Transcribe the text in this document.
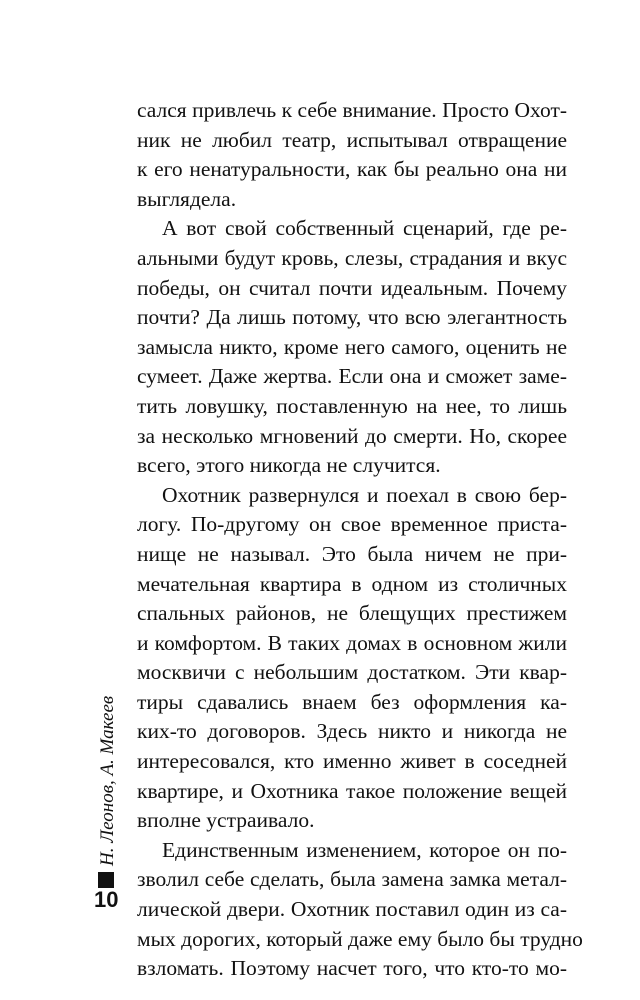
сался привлечь к себе внимание. Просто Охот-
ник не любил театр, испытывал отвращение
к его ненатуральности, как бы реально она ни
выглядела.
А вот свой собственный сценарий, где ре-
альными будут кровь, слезы, страдания и вкус
победы, он считал почти идеальным. Почему
почти? Да лишь потому, что всю элегантность
замысла никто, кроме него самого, оценить не
сумеет. Даже жертва. Если она и сможет заме-
тить ловушку, поставленную на нее, то лишь
за несколько мгновений до смерти. Но, скорее
всего, этого никогда не случится.
Охотник развернулся и поехал в свою бер-
логу. По-другому он свое временное приста-
нище не называл. Это была ничем не при-
мечательная квартира в одном из столичных
спальных районов, не блещущих престижем
и комфортом. В таких домах в основном жили
москвичи с небольшим достатком. Эти квар-
тиры сдавались внаем без оформления ка-
ких-то договоров. Здесь никто и никогда не
интересовался, кто именно живет в соседней
квартире, и Охотника такое положение вещей
вполне устраивало.
Единственным изменением, которое он по-
зволил себе сделать, была замена замка метал-
лической двери. Охотник поставил один из са-
мых дорогих, который даже ему было бы трудно
взломать. Поэтому насчет того, что кто-то мо-
Н. Леонов, А. Макеев
10
